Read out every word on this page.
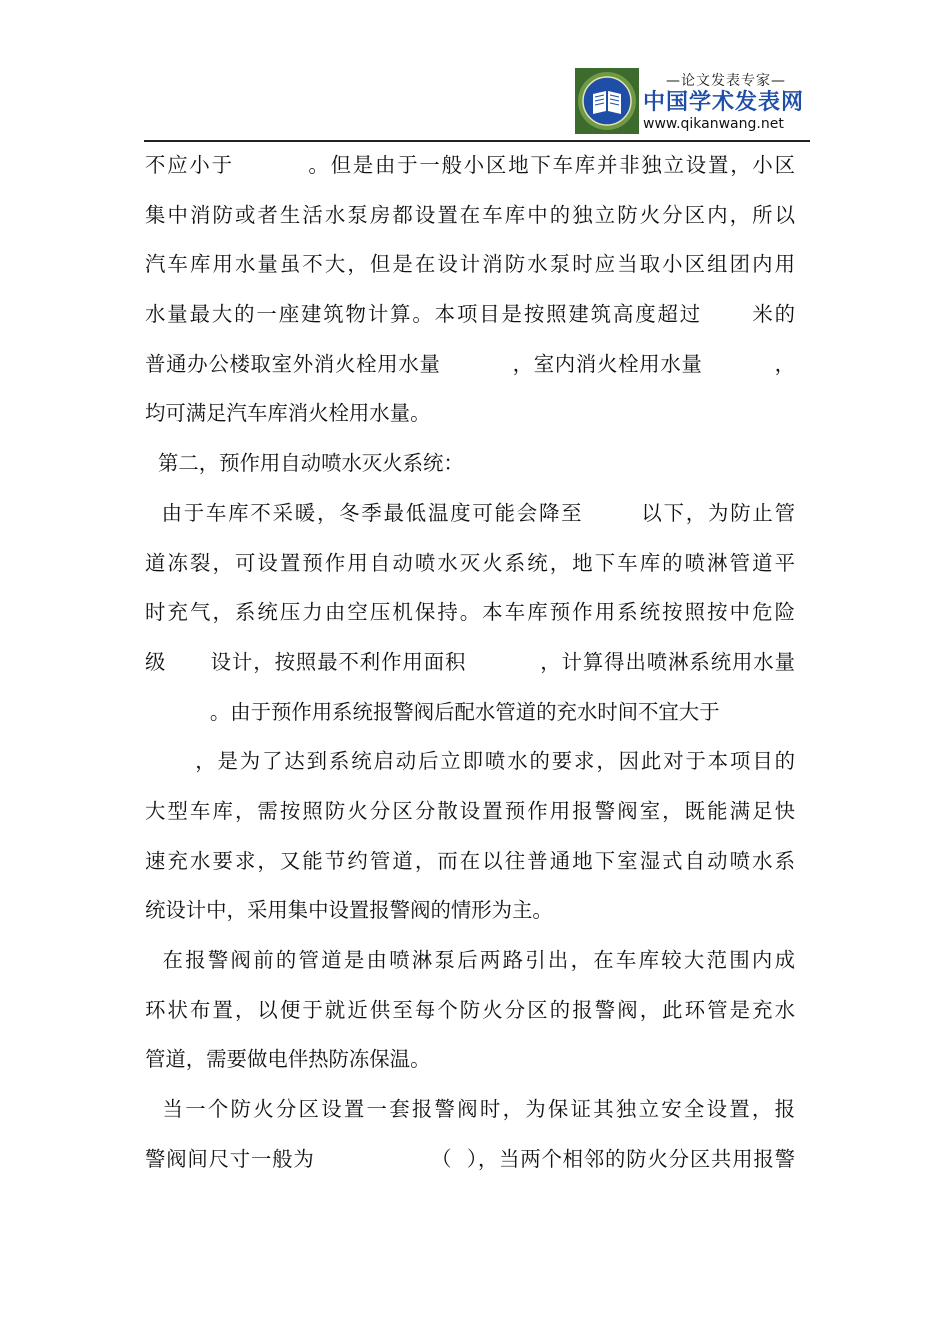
—论文发表专家—
中国学术发表网
www.qikanwang.net
不应小于         。但是由于一般小区地下车库并非独立设置，小区
集中消防或者生活水泵房都设置在车库中的独立防火分区内，所以
汽车库用水量虽不大，但是在设计消防水泵时应当取小区组团内用
水量最大的一座建筑物计算。本项目是按照建筑高度超过      米的
普通办公楼取室外消火栓用水量          ，室内消火栓用水量          ，
均可满足汽车库消火栓用水量。
第二，预作用自动喷水灭火系统：
由于车库不采暖，冬季最低温度可能会降至       以下，为防止管
道冻裂，可设置预作用自动喷水灭火系统，地下车库的喷淋管道平
时充气，系统压力由空压机保持。本车库预作用系统按照按中危险
级      设计，按照最不利作用面积          ，计算得出喷淋系统用水量
。由于预作用系统报警阀后配水管道的充水时间不宜大于
，是为了达到系统启动后立即喷水的要求，因此对于本项目的
大型车库，需按照防火分区分散设置预作用报警阀室，既能满足快
速充水要求，又能节约管道，而在以往普通地下室湿式自动喷水系
统设计中，采用集中设置报警阀的情形为主。
在报警阀前的管道是由喷淋泵后两路引出，在车库较大范围内成
环状布置，以便于就近供至每个防火分区的报警阀，此环管是充水
管道，需要做电伴热防冻保温。
当一个防火分区设置一套报警阀时，为保证其独立安全设置，报
警阀间尺寸一般为                （  ），当两个相邻的防火分区共用报警
